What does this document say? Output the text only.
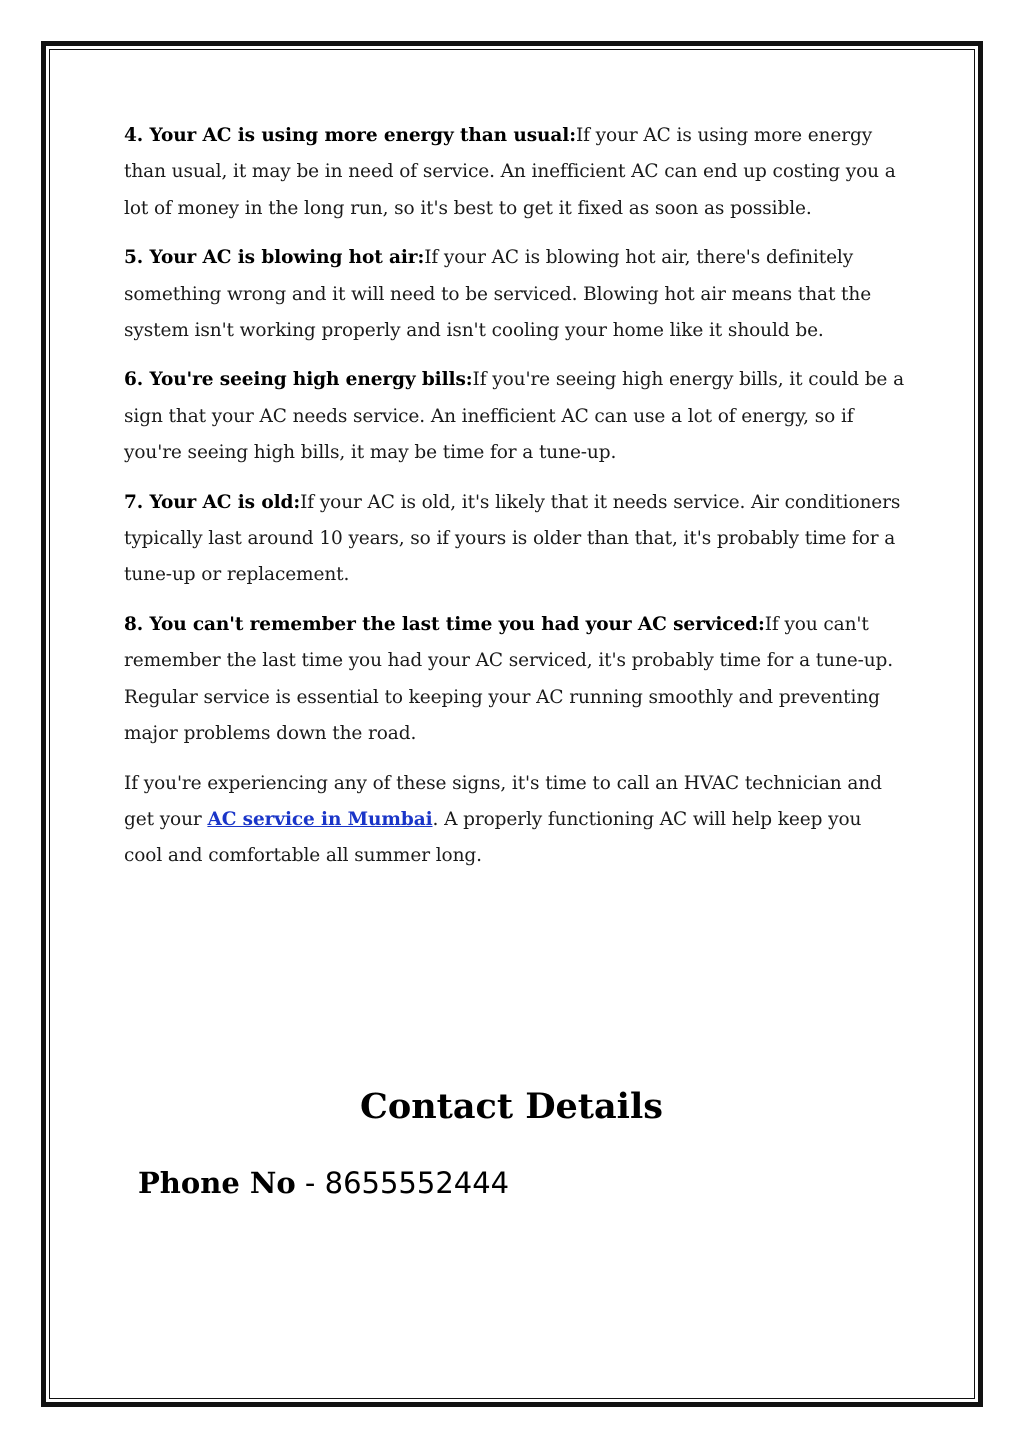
4. Your AC is using more energy than usual:If your AC is using more energy than usual, it may be in need of service. An inefficient AC can end up costing you a lot of money in the long run, so it's best to get it fixed as soon as possible.

5. Your AC is blowing hot air:If your AC is blowing hot air, there's definitely something wrong and it will need to be serviced. Blowing hot air means that the system isn't working properly and isn't cooling your home like it should be.

6. You're seeing high energy bills:If you're seeing high energy bills, it could be a sign that your AC needs service. An inefficient AC can use a lot of energy, so if you're seeing high bills, it may be time for a tune-up.

7. Your AC is old:If your AC is old, it's likely that it needs service. Air conditioners typically last around 10 years, so if yours is older than that, it's probably time for a tune-up or replacement.

8. You can't remember the last time you had your AC serviced:If you can't remember the last time you had your AC serviced, it's probably time for a tune-up. Regular service is essential to keeping your AC running smoothly and preventing major problems down the road.

If you're experiencing any of these signs, it's time to call an HVAC technician and get your AC service in Mumbai. A properly functioning AC will help keep you cool and comfortable all summer long.

Contact Details

Phone No - 8655552444
